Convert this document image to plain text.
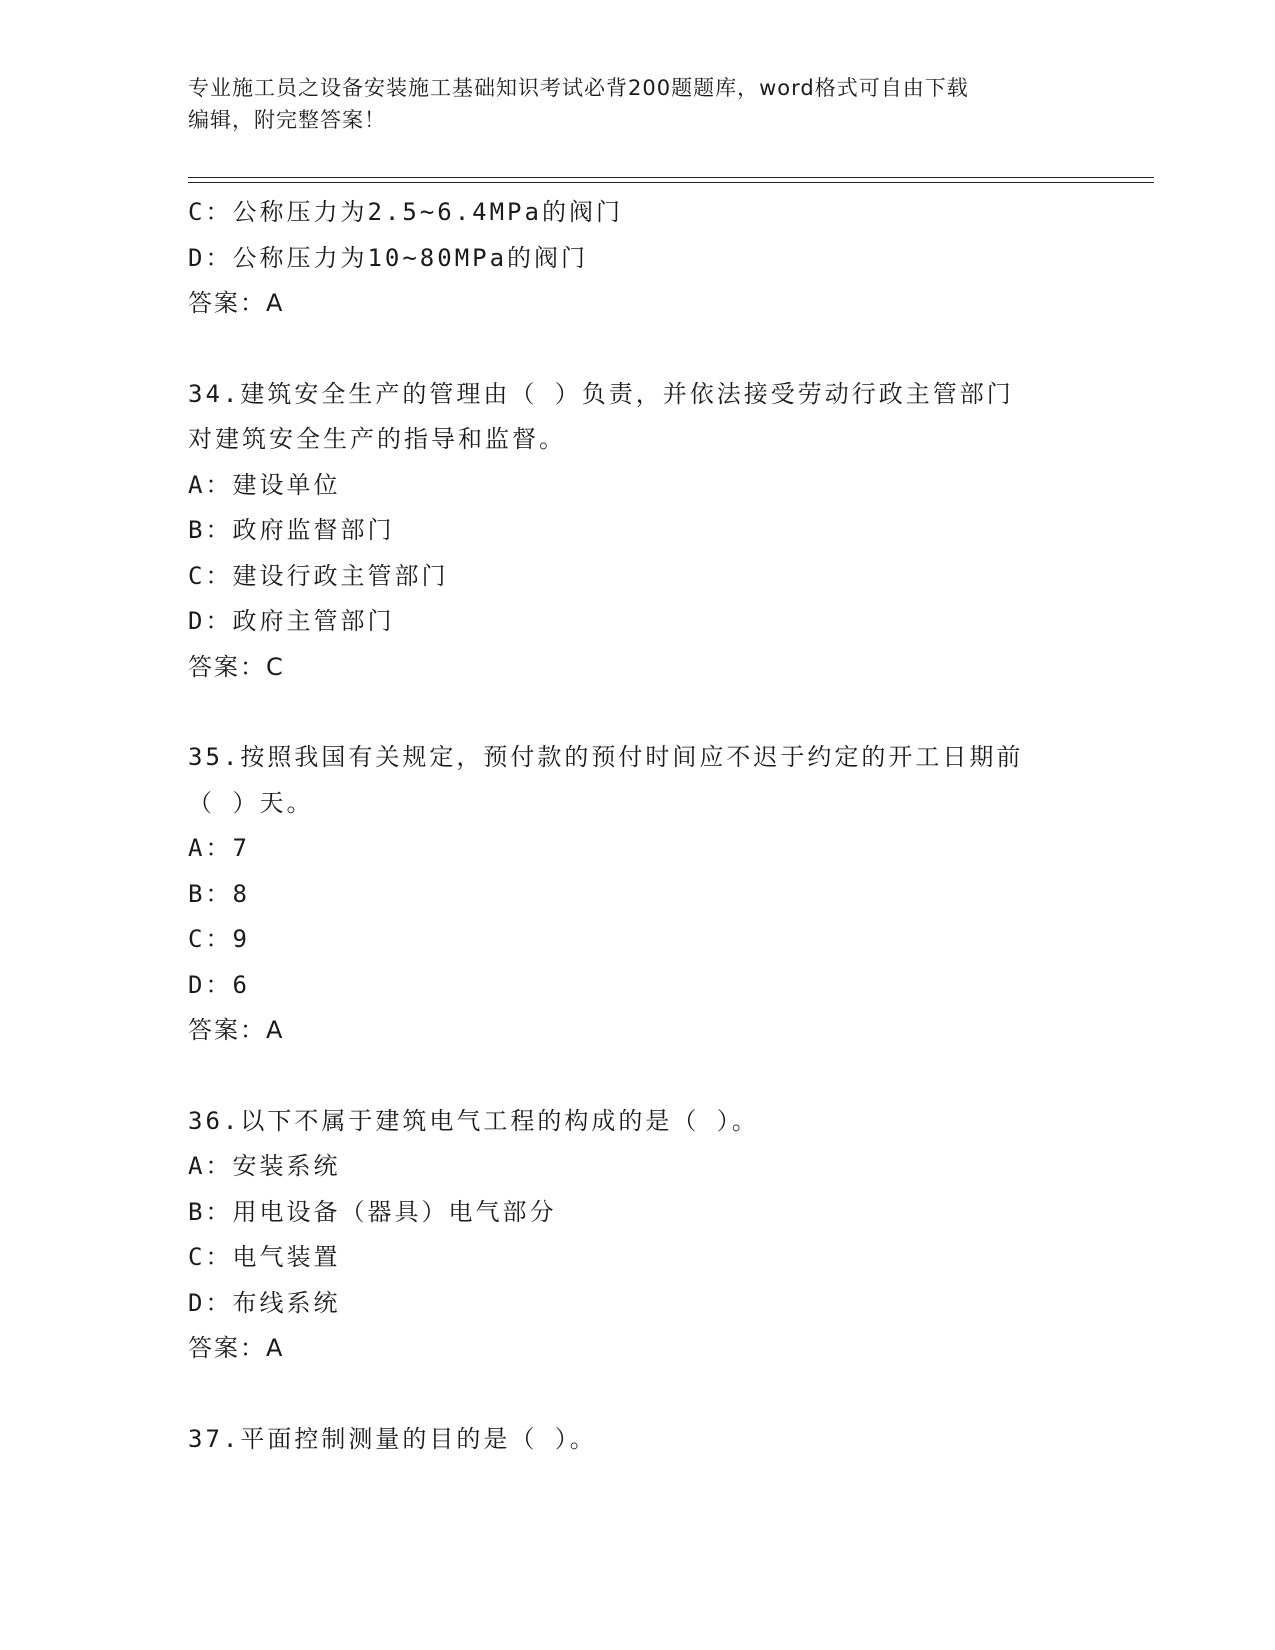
专业施工员之设备安装施工基础知识考试必背200题题库，word格式可自由下载
编辑，附完整答案！
C：公称压力为2.5~6.4MPa的阀门
D：公称压力为10~80MPa的阀门
答案：A
34.建筑安全生产的管理由（ ）负责，并依法接受劳动行政主管部门
对建筑安全生产的指导和监督。
A：建设单位
B：政府监督部门
C：建设行政主管部门
D：政府主管部门
答案：C
35.按照我国有关规定，预付款的预付时间应不迟于约定的开工日期前
（ ）天。
A：7
B：8
C：9
D：6
答案：A
36.以下不属于建筑电气工程的构成的是（ ）。
A：安装系统
B：用电设备（器具）电气部分
C：电气装置
D：布线系统
答案：A
37.平面控制测量的目的是（ ）。
